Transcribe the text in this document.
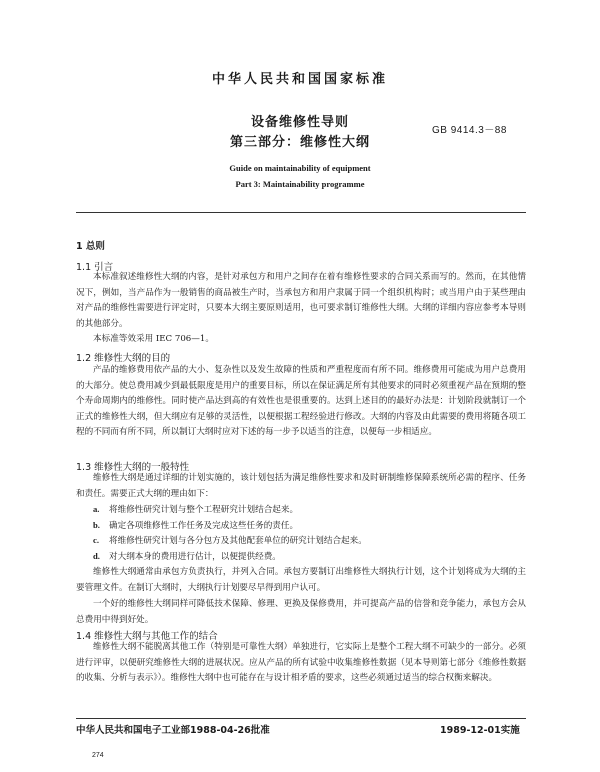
中华人民共和国国家标准
设备维修性导则
第三部分：维修性大纲
GB 9414.3－88
Guide on maintainability of equipment
Part 3: Maintainability programme
1 总则
1.1 引言
本标准叙述维修性大纲的内容，是针对承包方和用户之间存在着有维修性要求的合同关系而写的。然而，在其他情况下，例如，当产品作为一般销售的商品被生产时，当承包方和用户隶属于同一个组织机构时；或当用户由于某些理由对产品的维修性需要进行评定时，只要本大纲主要原则适用，也可要求制订维修性大纲。大纲的详细内容应参考本导则的其他部分。
本标准等效采用 IEC 706—1。
1.2 维修性大纲的目的
产品的维修费用依产品的大小、复杂性以及发生故障的性质和严重程度而有所不同。维修费用可能成为用户总费用的大部分。使总费用减少到最低限度是用户的重要目标，所以在保证满足所有其他要求的同时必须重视产品在预期的整个寿命周期内的维修性。同时使产品达到高的有效性也是很重要的。达到上述目的的最好办法是：计划阶段就制订一个正式的维修性大纲，但大纲应有足够的灵活性，以便根据工程经验进行修改。大纲的内容及由此需要的费用将随各项工程的不同而有所不同，所以制订大纲时应对下述的每一步予以适当的注意，以便每一步相适应。
1.3 维修性大纲的一般特性
维修性大纲是通过详细的计划实施的，该计划包括为满足维修性要求和及时研制维修保障系统所必需的程序、任务和责任。需要正式大纲的理由如下：
a. 将维修性研究计划与整个工程研究计划结合起来。
b. 确定各项维修性工作任务及完成这些任务的责任。
c. 将维修性研究计划与各分包方及其他配套单位的研究计划结合起来。
d. 对大纲本身的费用进行估计，以便提供经费。
维修性大纲通常由承包方负责执行，并列入合同。承包方要制订出维修性大纲执行计划，这个计划将成为大纲的主要管理文件。在制订大纲时，大纲执行计划要尽早得到用户认可。
一个好的维修性大纲同样可降低技术保障、修理、更换及保修费用，并可提高产品的信誉和竞争能力，承包方会从总费用中得到好处。
1.4 维修性大纲与其他工作的结合
维修性大纲不能脱离其他工作（特别是可靠性大纲）单独进行，它实际上是整个工程大纲不可缺少的一部分。必须进行评审，以便研究维修性大纲的进展状况。应从产品的所有试验中收集维修性数据（见本导则第七部分《维修性数据的收集、分析与表示》）。维修性大纲中也可能存在与设计相矛盾的要求，这些必须通过适当的综合权衡来解决。
中华人民共和国电子工业部1988-04-26批准	1989-12-01实施
274
